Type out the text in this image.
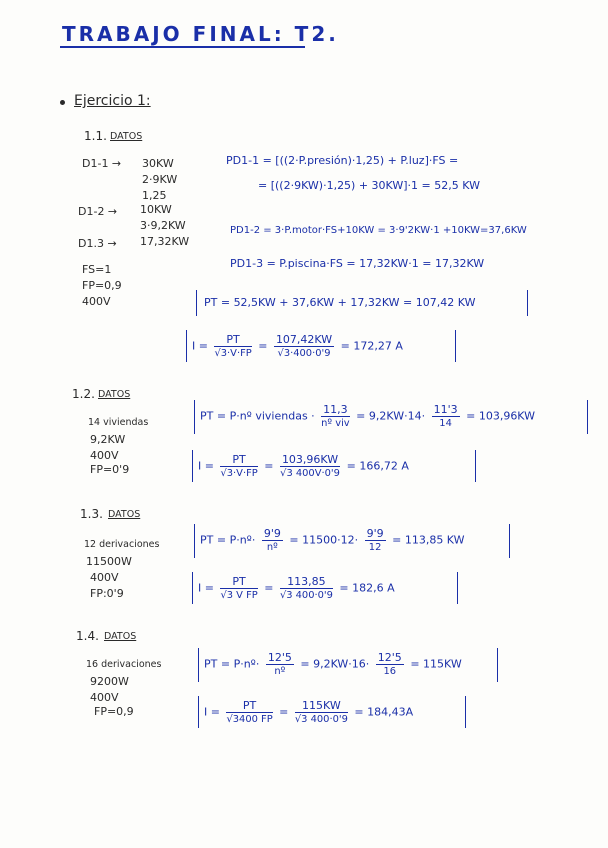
TRABAJO FINAL: T2.
Ejercicio 1:
1.1. DATOS
D1-1 → 30KW
2·9KW
1,25
D1-2 → 10KW
3·9,2KW
D1.3 → 17,32KW
FS=1
FP=0,9
400V
PD1-1 = [((2·P.presión)·1,25) + P.luz]·FS =
= [((2·9KW)·1,25) + 30KW]·1 = 52,5 KW
PD1-2 = 3·P.motor·FS+10KW = 3·9'2KW·1 +10KW=37,6KW
PD1-3 = P.piscina·FS = 17,32KW·1 = 17,32KW
PT = 52,5KW + 37,6KW + 17,32KW = 107,42 KW
$I = \frac{PT}{√3\cdot V\cdot FP} = \frac{107,42KW}{√3\cdot 400\cdot 0'9} = 172,27$ A
1.2. DATOS
14 viviendas
9,2KW
400V
FP=0'9
PT = P·nº viviendas · $\frac{11,3}{\text{nº viv}} = 9,2KW\cdot 14\cdot \frac{11'3}{14} = 103,96KW$
$I = \frac{PT}{√3\cdot V\cdot FP} = \frac{103,96KW}{√3 400V\cdot 0'9} = 166,72$ A
1.3. DATOS
12 derivaciones
11500W
400V
FP:0'9
PT = P·nº· $\frac{9'9}{\text{nº}} = 11500\cdot 12\cdot \frac{9'9}{12} = 113,85$ KW
$I = \frac{PT}{\text{√3 V FP}} = \frac{113,85}{√3 400\cdot 0'9} = 182,6$ A
1.4. DATOS
16 derivaciones
9200W
400V
FP=0,9
PT = P·nº· $\frac{12'5}{\text{nº}} = 9,2KW\cdot 16\cdot \frac{12'5}{16} = 115KW$
$I = \frac{PT}{√3400 FP} = \frac{115KW}{√3 400\cdot 0'9} = 184,43A$
